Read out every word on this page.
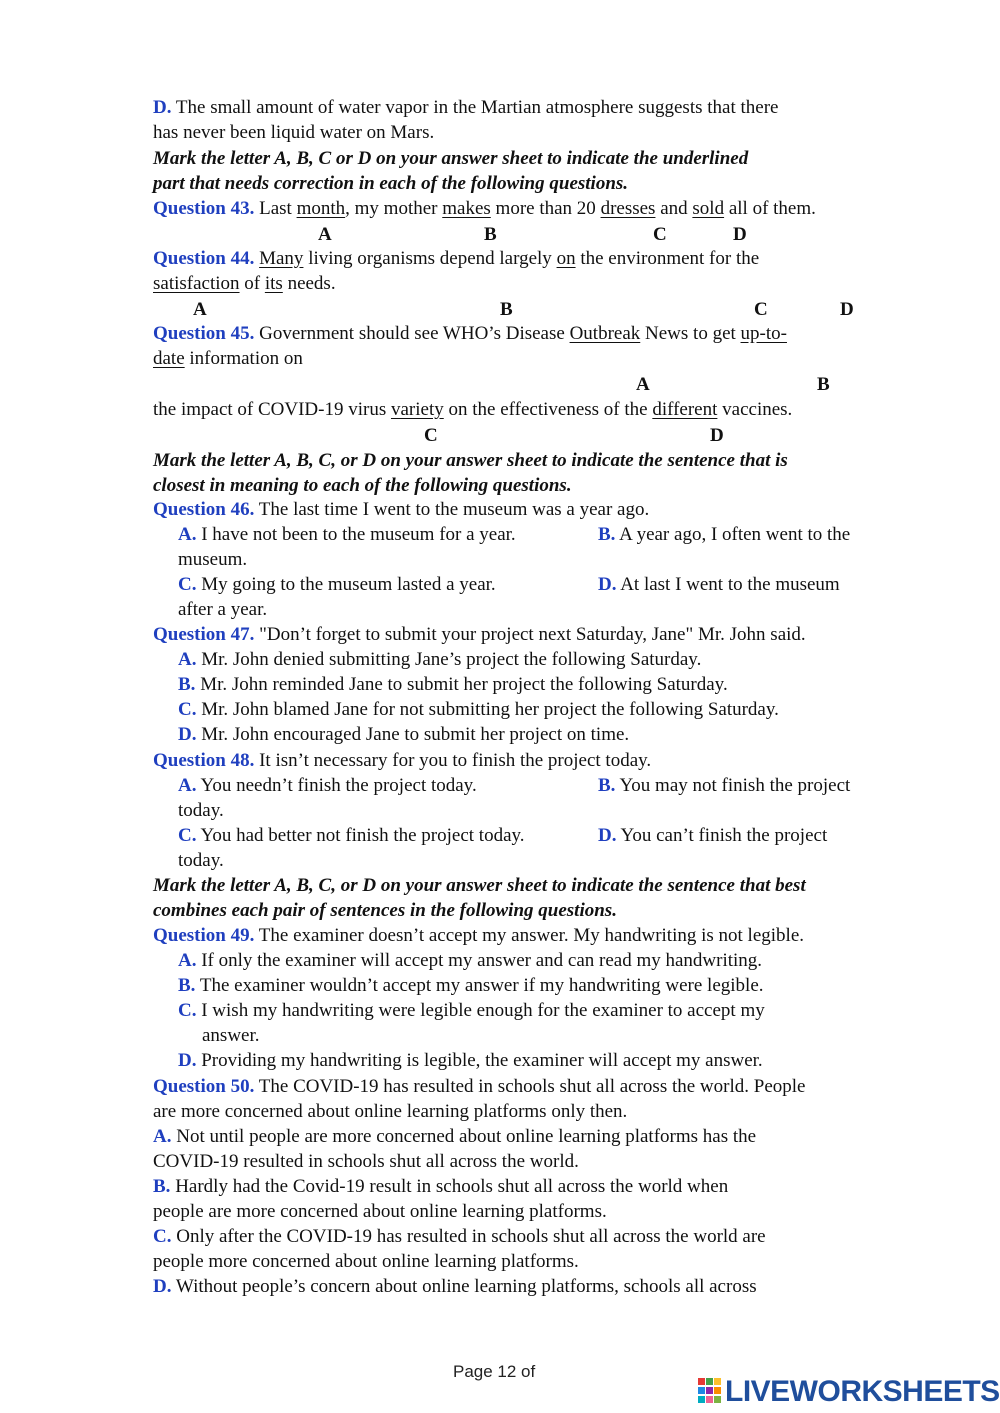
D. The small amount of water vapor in the Martian atmosphere suggests that there
has never been liquid water on Mars.
Mark the letter A, B, C or D on your answer sheet to indicate the underlined
part that needs correction in each of the following questions.
Question 43. Last month, my mother makes more than 20 dresses and sold all of them.
A	B	C	D
Question 44. Many living organisms depend largely on the environment for the
satisfaction of its needs.
A	B	C	D
Question 45. Government should see WHO’s Disease Outbreak News to get up-to-
date information on
A	B
the impact of COVID-19 virus variety on the effectiveness of the different vaccines.
C	D
Mark the letter A, B, C, or D on your answer sheet to indicate the sentence that is
closest in meaning to each of the following questions.
Question 46. The last time I went to the museum was a year ago.
A. I have not been to the museum for a year.	B. A year ago, I often went to the
museum.
C. My going to the museum lasted a year.	D. At last I went to the museum
after a year.
Question 47. "Don’t forget to submit your project next Saturday, Jane" Mr. John said.
A. Mr. John denied submitting Jane’s project the following Saturday.
B. Mr. John reminded Jane to submit her project the following Saturday.
C. Mr. John blamed Jane for not submitting her project the following Saturday.
D. Mr. John encouraged Jane to submit her project on time.
Question 48. It isn’t necessary for you to finish the project today.
A. You needn’t finish the project today.	B. You may not finish the project
today.
C. You had better not finish the project today.	D. You can’t finish the project
today.
Mark the letter A, B, C, or D on your answer sheet to indicate the sentence that best
combines each pair of sentences in the following questions.
Question 49. The examiner doesn’t accept my answer. My handwriting is not legible.
A. If only the examiner will accept my answer and can read my handwriting.
B. The examiner wouldn’t accept my answer if my handwriting were legible.
C. I wish my handwriting were legible enough for the examiner to accept my
answer.
D. Providing my handwriting is legible, the examiner will accept my answer.
Question 50. The COVID-19 has resulted in schools shut all across the world. People
are more concerned about online learning platforms only then.
A. Not until people are more concerned about online learning platforms has the
COVID-19 resulted in schools shut all across the world.
B. Hardly had the Covid-19 result in schools shut all across the world when
people are more concerned about online learning platforms.
C. Only after the COVID-19 has resulted in schools shut all across the world are
people more concerned about online learning platforms.
D. Without people’s concern about online learning platforms, schools all across
Page 12 of
LIVEWORKSHEETS
